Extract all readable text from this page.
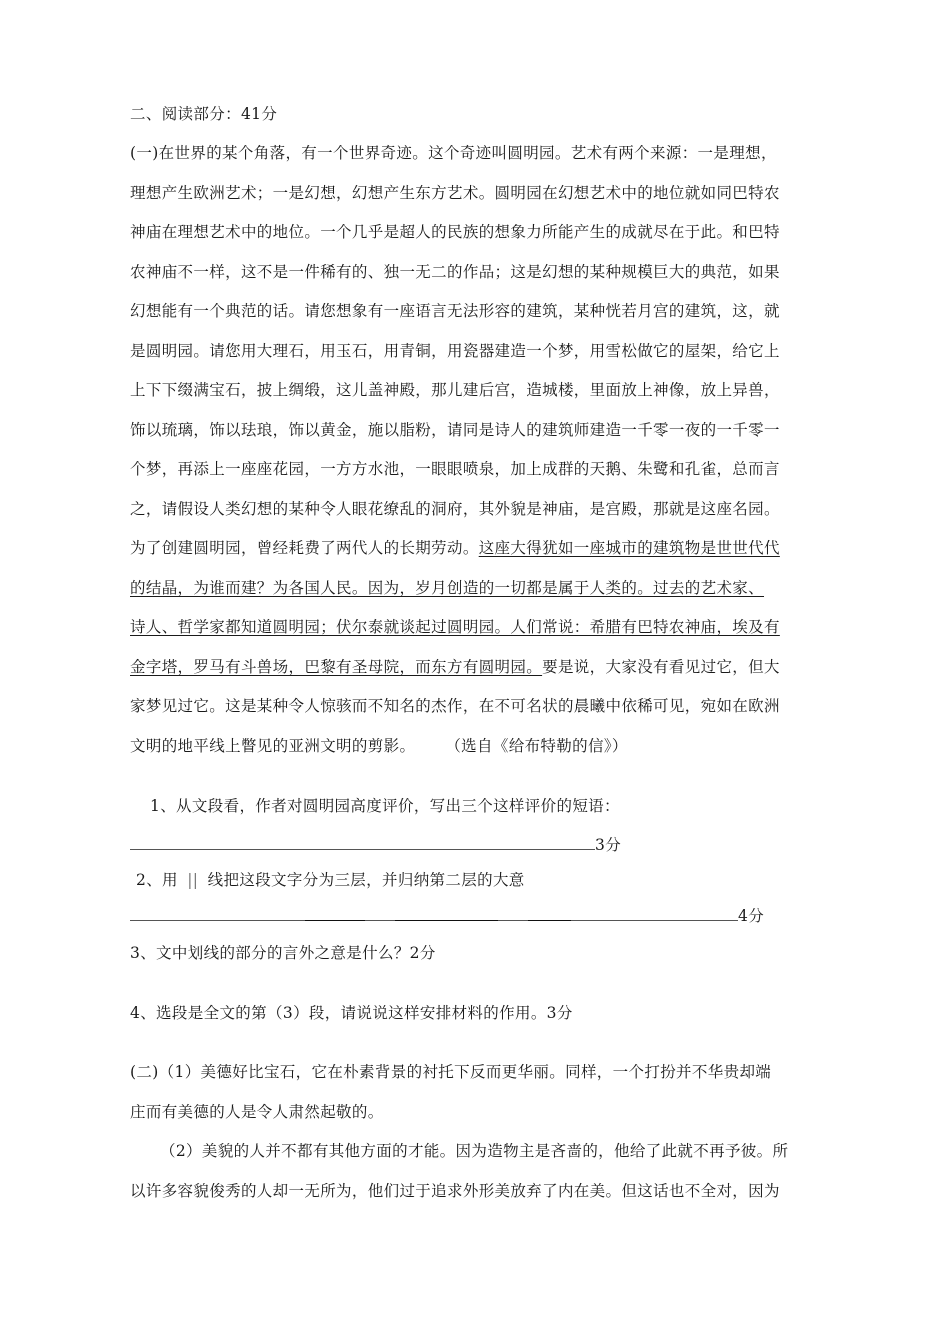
二、阅读部分：41分
(一)在世界的某个角落，有一个世界奇迹。这个奇迹叫圆明园。艺术有两个来源：一是理想，
理想产生欧洲艺术；一是幻想，幻想产生东方艺术。圆明园在幻想艺术中的地位就如同巴特农
神庙在理想艺术中的地位。一个几乎是超人的民族的想象力所能产生的成就尽在于此。和巴特
农神庙不一样，这不是一件稀有的、独一无二的作品；这是幻想的某种规模巨大的典范，如果
幻想能有一个典范的话。请您想象有一座语言无法形容的建筑，某种恍若月宫的建筑，这，就
是圆明园。请您用大理石，用玉石，用青铜，用瓷器建造一个梦，用雪松做它的屋架，给它上
上下下缀满宝石，披上绸缎，这儿盖神殿，那儿建后宫，造城楼，里面放上神像，放上异兽，
饰以琉璃，饰以珐琅，饰以黄金，施以脂粉，请同是诗人的建筑师建造一千零一夜的一千零一
个梦，再添上一座座花园，一方方水池，一眼眼喷泉，加上成群的天鹅、朱鹭和孔雀，总而言
之，请假设人类幻想的某种令人眼花缭乱的洞府，其外貌是神庙，是宫殿，那就是这座名园。
为了创建圆明园，曾经耗费了两代人的长期劳动。这座大得犹如一座城市的建筑物是世世代代
的结晶，为谁而建？为各国人民。因为，岁月创造的一切都是属于人类的。过去的艺术家、
诗人、哲学家都知道圆明园；伏尔泰就谈起过圆明园。人们常说：希腊有巴特农神庙，埃及有
金字塔，罗马有斗兽场，巴黎有圣母院，而东方有圆明园。要是说，大家没有看见过它，但大
家梦见过它。这是某种令人惊骇而不知名的杰作，在不可名状的晨曦中依稀可见，宛如在欧洲
文明的地平线上瞥见的亚洲文明的剪影。 （选自《给布特勒的信》）
1、从文段看，作者对圆明园高度评价，写出三个这样评价的短语：
3分
2、用 || 线把这段文字分为三层，并归纳第二层的大意
4分
3、文中划线的部分的言外之意是什么？2分
4、选段是全文的第（3）段，请说说这样安排材料的作用。3分
(二)（1）美德好比宝石，它在朴素背景的衬托下反而更华丽。同样，一个打扮并不华贵却端
庄而有美德的人是令人肃然起敬的。
（2）美貌的人并不都有其他方面的才能。因为造物主是吝啬的，他给了此就不再予彼。所
以许多容貌俊秀的人却一无所为，他们过于追求外形美放弃了内在美。但这话也不全对，因为
